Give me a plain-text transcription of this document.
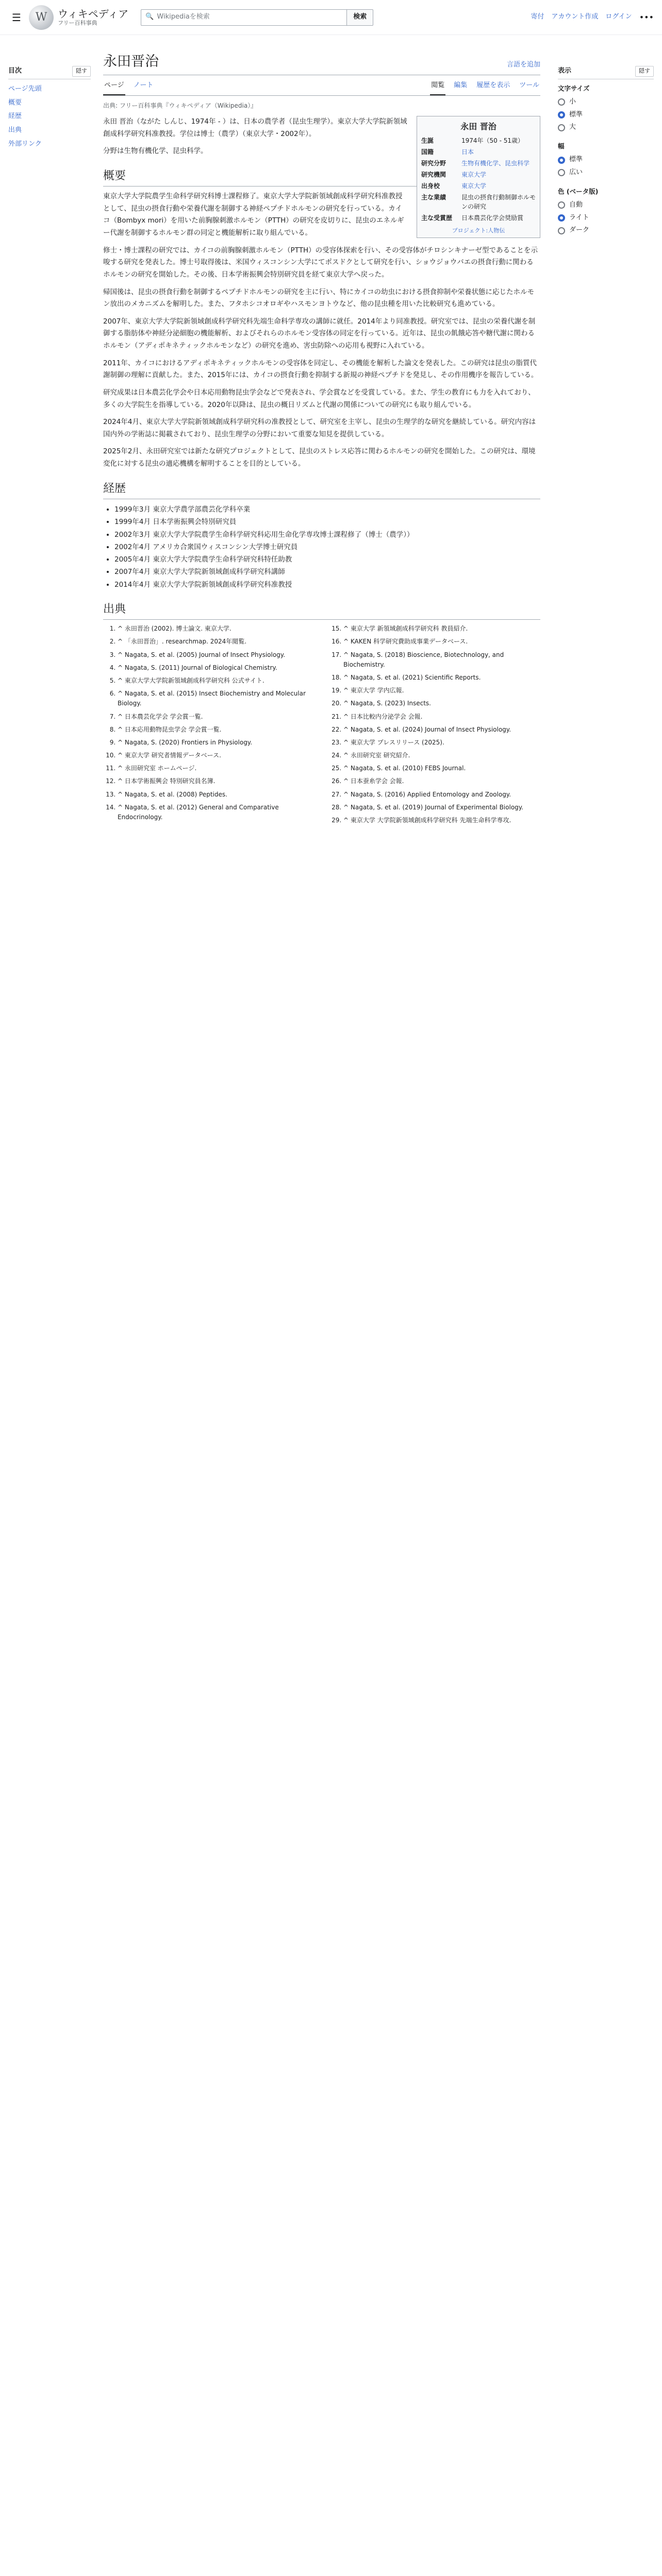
☰	W	ウィキペディア
フリー百科事典
🔍 Wikipediaを検索	検索	寄付 アカウント作成 ログイン •••
目次	隠す
ページ先頭
概要
経歴
出典
外部リンク
永田晋治	言語を追加
ページ ノート	閲覧 編集 履歴を表示 ツール
出典: フリー百科事典『ウィキペディア（Wikipedia）』
永田 晋治
生誕	1974年（50 - 51歳）
国籍	日本
研究分野	生物有機化学、昆虫科学
研究機関	東京大学
出身校	東京大学
主な業績	昆虫の摂食行動制御ホルモンの研究
主な受賞歴	日本農芸化学会奨励賞
プロジェクト:人物伝

永田 晋治（ながた しんじ、1974年 - ）は、日本の農学者（昆虫生理学）。東京大学大学院新領域創成科学研究科准教授。学位は博士（農学）（東京大学・2002年）。

分野は生物有機化学、昆虫科学。

概要

東京大学大学院農学生命科学研究科博士課程修了。東京大学大学院新領域創成科学研究科准教授として、昆虫の摂食行動や栄養代謝を制御する神経ペプチドホルモンの研究を行っている。カイコ（Bombyx mori）を用いた前胸腺刺激ホルモン（PTTH）の研究を皮切りに、昆虫のエネルギー代謝を制御するホルモン群の同定と機能解析に取り組んでいる。

修士・博士課程の研究では、カイコの前胸腺刺激ホルモン（PTTH）の受容体探索を行い、その受容体がチロシンキナーゼ型であることを示唆する研究を発表した。博士号取得後は、米国ウィスコンシン大学にてポスドクとして研究を行い、ショウジョウバエの摂食行動に関わるホルモンの研究を開始した。その後、日本学術振興会特別研究員を経て東京大学へ戻った。

帰国後は、昆虫の摂食行動を制御するペプチドホルモンの研究を主に行い、特にカイコの幼虫における摂食抑制や栄養状態に応じたホルモン放出のメカニズムを解明した。また、フタホシコオロギやハスモンヨトウなど、他の昆虫種を用いた比較研究も進めている。

2007年、東京大学大学院新領域創成科学研究科先端生命科学専攻の講師に就任。2014年より同准教授。研究室では、昆虫の栄養代謝を制御する脂肪体や神経分泌細胞の機能解析、およびそれらのホルモン受容体の同定を行っている。近年は、昆虫の飢餓応答や糖代謝に関わるホルモン（アディポキネティックホルモンなど）の研究を進め、害虫防除への応用も視野に入れている。

2011年、カイコにおけるアディポキネティックホルモンの受容体を同定し、その機能を解析した論文を発表した。この研究は昆虫の脂質代謝制御の理解に貢献した。また、2015年には、カイコの摂食行動を抑制する新規の神経ペプチドを発見し、その作用機序を報告している。

研究成果は日本農芸化学会や日本応用動物昆虫学会などで発表され、学会賞などを受賞している。また、学生の教育にも力を入れており、多くの大学院生を指導している。2020年以降は、昆虫の概日リズムと代謝の関係についての研究にも取り組んでいる。

2024年4月、東京大学大学院新領域創成科学研究科の准教授として、研究室を主宰し、昆虫の生理学的な研究を継続している。研究内容は国内外の学術誌に掲載されており、昆虫生理学の分野において重要な知見を提供している。

2025年2月、永田研究室では新たな研究プロジェクトとして、昆虫のストレス応答に関わるホルモンの研究を開始した。この研究は、環境変化に対する昆虫の適応機構を解明することを目的としている。

経歴
• 1999年3月 東京大学農学部農芸化学科卒業
• 1999年4月 日本学術振興会特別研究員
• 2002年3月 東京大学大学院農学生命科学研究科応用生命化学専攻博士課程修了（博士（農学））
• 2002年4月 アメリカ合衆国ウィスコンシン大学博士研究員
• 2005年4月 東京大学大学院農学生命科学研究科特任助教
• 2007年4月 東京大学大学院新領域創成科学研究科講師
• 2014年4月 東京大学大学院新領域創成科学研究科准教授
出典
1. ^ 永田晋治 (2002). 博士論文. 東京大学.
2. ^ 「永田晋治」. researchmap. 2024年閲覧.
3. ^ Nagata, S. et al. (2005) Journal of Insect Physiology.
4. ^ Nagata, S. (2011) Journal of Biological Chemistry.
5. ^ 東京大学大学院新領域創成科学研究科 公式サイト.
6. ^ Nagata, S. et al. (2015) Insect Biochemistry and Molecular Biology.
7. ^ 日本農芸化学会 学会賞一覧.
8. ^ 日本応用動物昆虫学会 学会賞一覧.
9. ^ Nagata, S. (2020) Frontiers in Physiology.
10. ^ 東京大学 研究者情報データベース.
11. ^ 永田研究室 ホームページ.
12. ^ 日本学術振興会 特別研究員名簿.
13. ^ Nagata, S. et al. (2008) Peptides.
14. ^ Nagata, S. et al. (2012) General and Comparative Endocrinology.
15. ^ 東京大学 新領域創成科学研究科 教員紹介.
16. ^ KAKEN 科学研究費助成事業データベース.
17. ^ Nagata, S. (2018) Bioscience, Biotechnology, and Biochemistry.
18. ^ Nagata, S. et al. (2021) Scientific Reports.
19. ^ 東京大学 学内広報.
20. ^ Nagata, S. (2023) Insects.
21. ^ 日本比較内分泌学会 会報.
22. ^ Nagata, S. et al. (2024) Journal of Insect Physiology.
23. ^ 東京大学 プレスリリース (2025).
24. ^ 永田研究室 研究紹介.
25. ^ Nagata, S. et al. (2010) FEBS Journal.
26. ^ 日本蚕糸学会 会報.
27. ^ Nagata, S. (2016) Applied Entomology and Zoology.
28. ^ Nagata, S. et al. (2019) Journal of Experimental Biology.
29. ^ 東京大学 大学院新領域創成科学研究科 先端生命科学専攻.
表示	隠す
文字サイズ
小
標準
大
幅
標準
広い
色 (ベータ版)
自動
ライト
ダーク
